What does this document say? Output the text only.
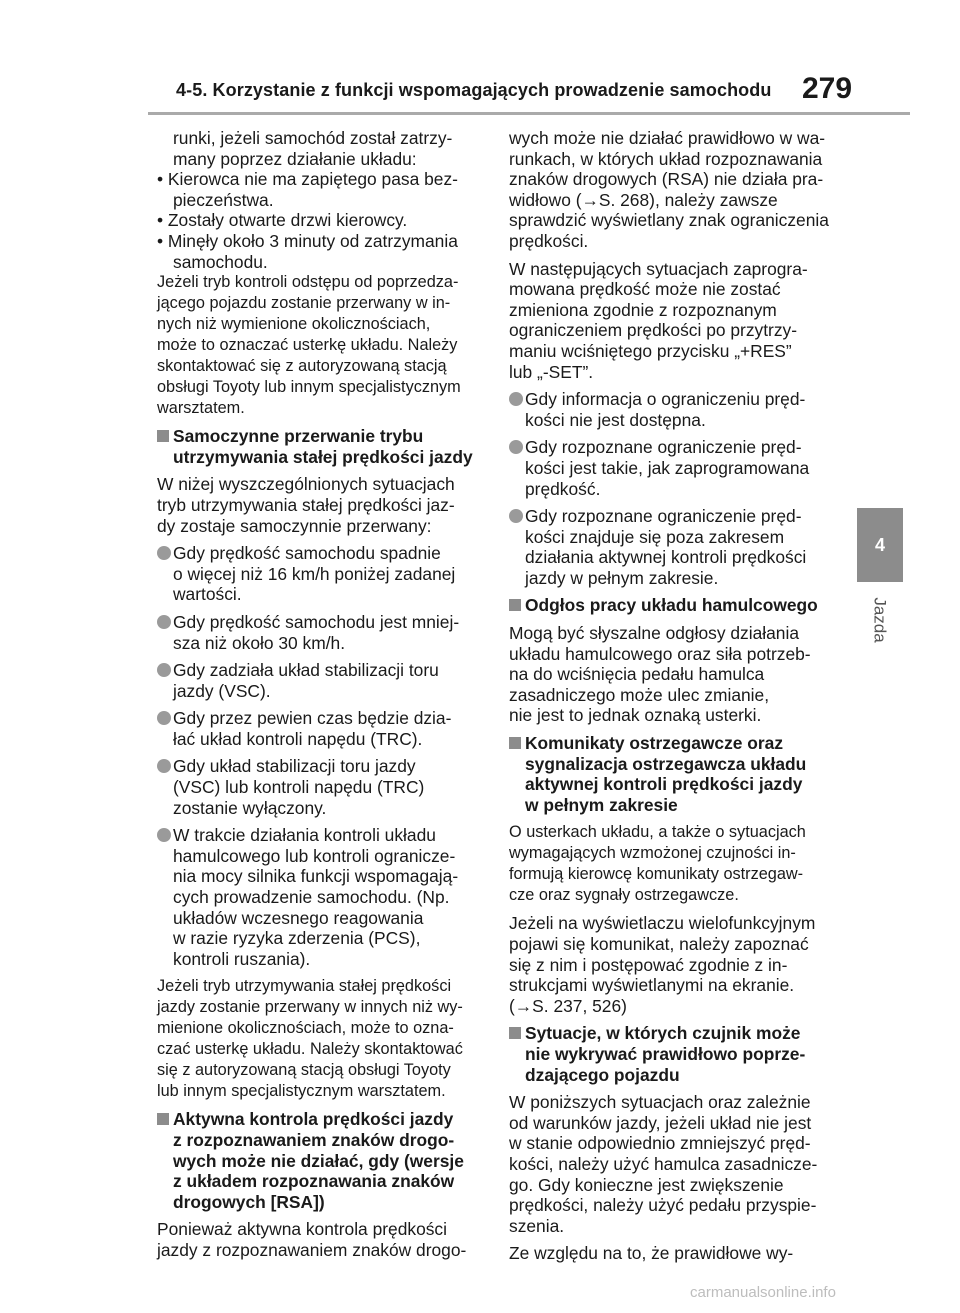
4-5. Korzystanie z funkcji wspomagających prowadzenie samochodu 279
4
Jazda
runki, jeżeli samochód został zatrzy-
many poprzez działanie układu:
• Kierowca nie ma zapiętego pasa bez-
pieczeństwa.
• Zostały otwarte drzwi kierowcy.
• Minęły około 3 minuty od zatrzymania
samochodu.
Jeżeli tryb kontroli odstępu od poprzedza-
jącego pojazdu zostanie przerwany w in-
nych niż wymienione okolicznościach,
może to oznaczać usterkę układu. Należy
skontaktować się z autoryzowaną stacją
obsługi Toyoty lub innym specjalistycznym
warsztatem.
Samoczynne przerwanie trybu
utrzymywania stałej prędkości jazdy
W niżej wyszczególnionych sytuacjach
tryb utrzymywania stałej prędkości jaz-
dy zostaje samoczynnie przerwany:
Gdy prędkość samochodu spadnie
o więcej niż 16 km/h poniżej zadanej
wartości.
Gdy prędkość samochodu jest mniej-
sza niż około 30 km/h.
Gdy zadziała układ stabilizacji toru
jazdy (VSC).
Gdy przez pewien czas będzie dzia-
łać układ kontroli napędu (TRC).
Gdy układ stabilizacji toru jazdy
(VSC) lub kontroli napędu (TRC)
zostanie wyłączony.
W trakcie działania kontroli układu
hamulcowego lub kontroli ogranicze-
nia mocy silnika funkcji wspomagają-
cych prowadzenie samochodu. (Np.
układów wczesnego reagowania
w razie ryzyka zderzenia (PCS),
kontroli ruszania).
Jeżeli tryb utrzymywania stałej prędkości
jazdy zostanie przerwany w innych niż wy-
mienione okolicznościach, może to ozna-
czać usterkę układu. Należy skontaktować
się z autoryzowaną stacją obsługi Toyoty
lub innym specjalistycznym warsztatem.
Aktywna kontrola prędkości jazdy
z rozpoznawaniem znaków drogo-
wych może nie działać, gdy (wersje
z układem rozpoznawania znaków
drogowych [RSA])
Ponieważ aktywna kontrola prędkości
jazdy z rozpoznawaniem znaków drogo-
wych może nie działać prawidłowo w wa-
runkach, w których układ rozpoznawania
znaków drogowych (RSA) nie działa pra-
widłowo (→S. 268), należy zawsze
sprawdzić wyświetlany znak ograniczenia
prędkości.
W następujących sytuacjach zaprogra-
mowana prędkość może nie zostać
zmieniona zgodnie z rozpoznanym
ograniczeniem prędkości po przytrzy-
maniu wciśniętego przycisku „+RES”
lub „-SET”.
Gdy informacja o ograniczeniu pręd-
kości nie jest dostępna.
Gdy rozpoznane ograniczenie pręd-
kości jest takie, jak zaprogramowana
prędkość.
Gdy rozpoznane ograniczenie pręd-
kości znajduje się poza zakresem
działania aktywnej kontroli prędkości
jazdy w pełnym zakresie.
Odgłos pracy układu hamulcowego
Mogą być słyszalne odgłosy działania
układu hamulcowego oraz siła potrzeb-
na do wciśnięcia pedału hamulca
zasadniczego może ulec zmianie,
nie jest to jednak oznaką usterki.
Komunikaty ostrzegawcze oraz
sygnalizacja ostrzegawcza układu
aktywnej kontroli prędkości jazdy
w pełnym zakresie
O usterkach układu, a także o sytuacjach
wymagających wzmożonej czujności in-
formują kierowcę komunikaty ostrzegaw-
cze oraz sygnały ostrzegawcze.
Jeżeli na wyświetlaczu wielofunkcyjnym
pojawi się komunikat, należy zapoznać
się z nim i postępować zgodnie z in-
strukcjami wyświetlanymi na ekranie.
(→S. 237, 526)
Sytuacje, w których czujnik może
nie wykrywać prawidłowo poprze-
dzającego pojazdu
W poniższych sytuacjach oraz zależnie
od warunków jazdy, jeżeli układ nie jest
w stanie odpowiednio zmniejszyć pręd-
kości, należy użyć hamulca zasadnicze-
go. Gdy konieczne jest zwiększenie
prędkości, należy użyć pedału przyspie-
szenia.
Ze względu na to, że prawidłowe wy-
carmanualsonline.info
